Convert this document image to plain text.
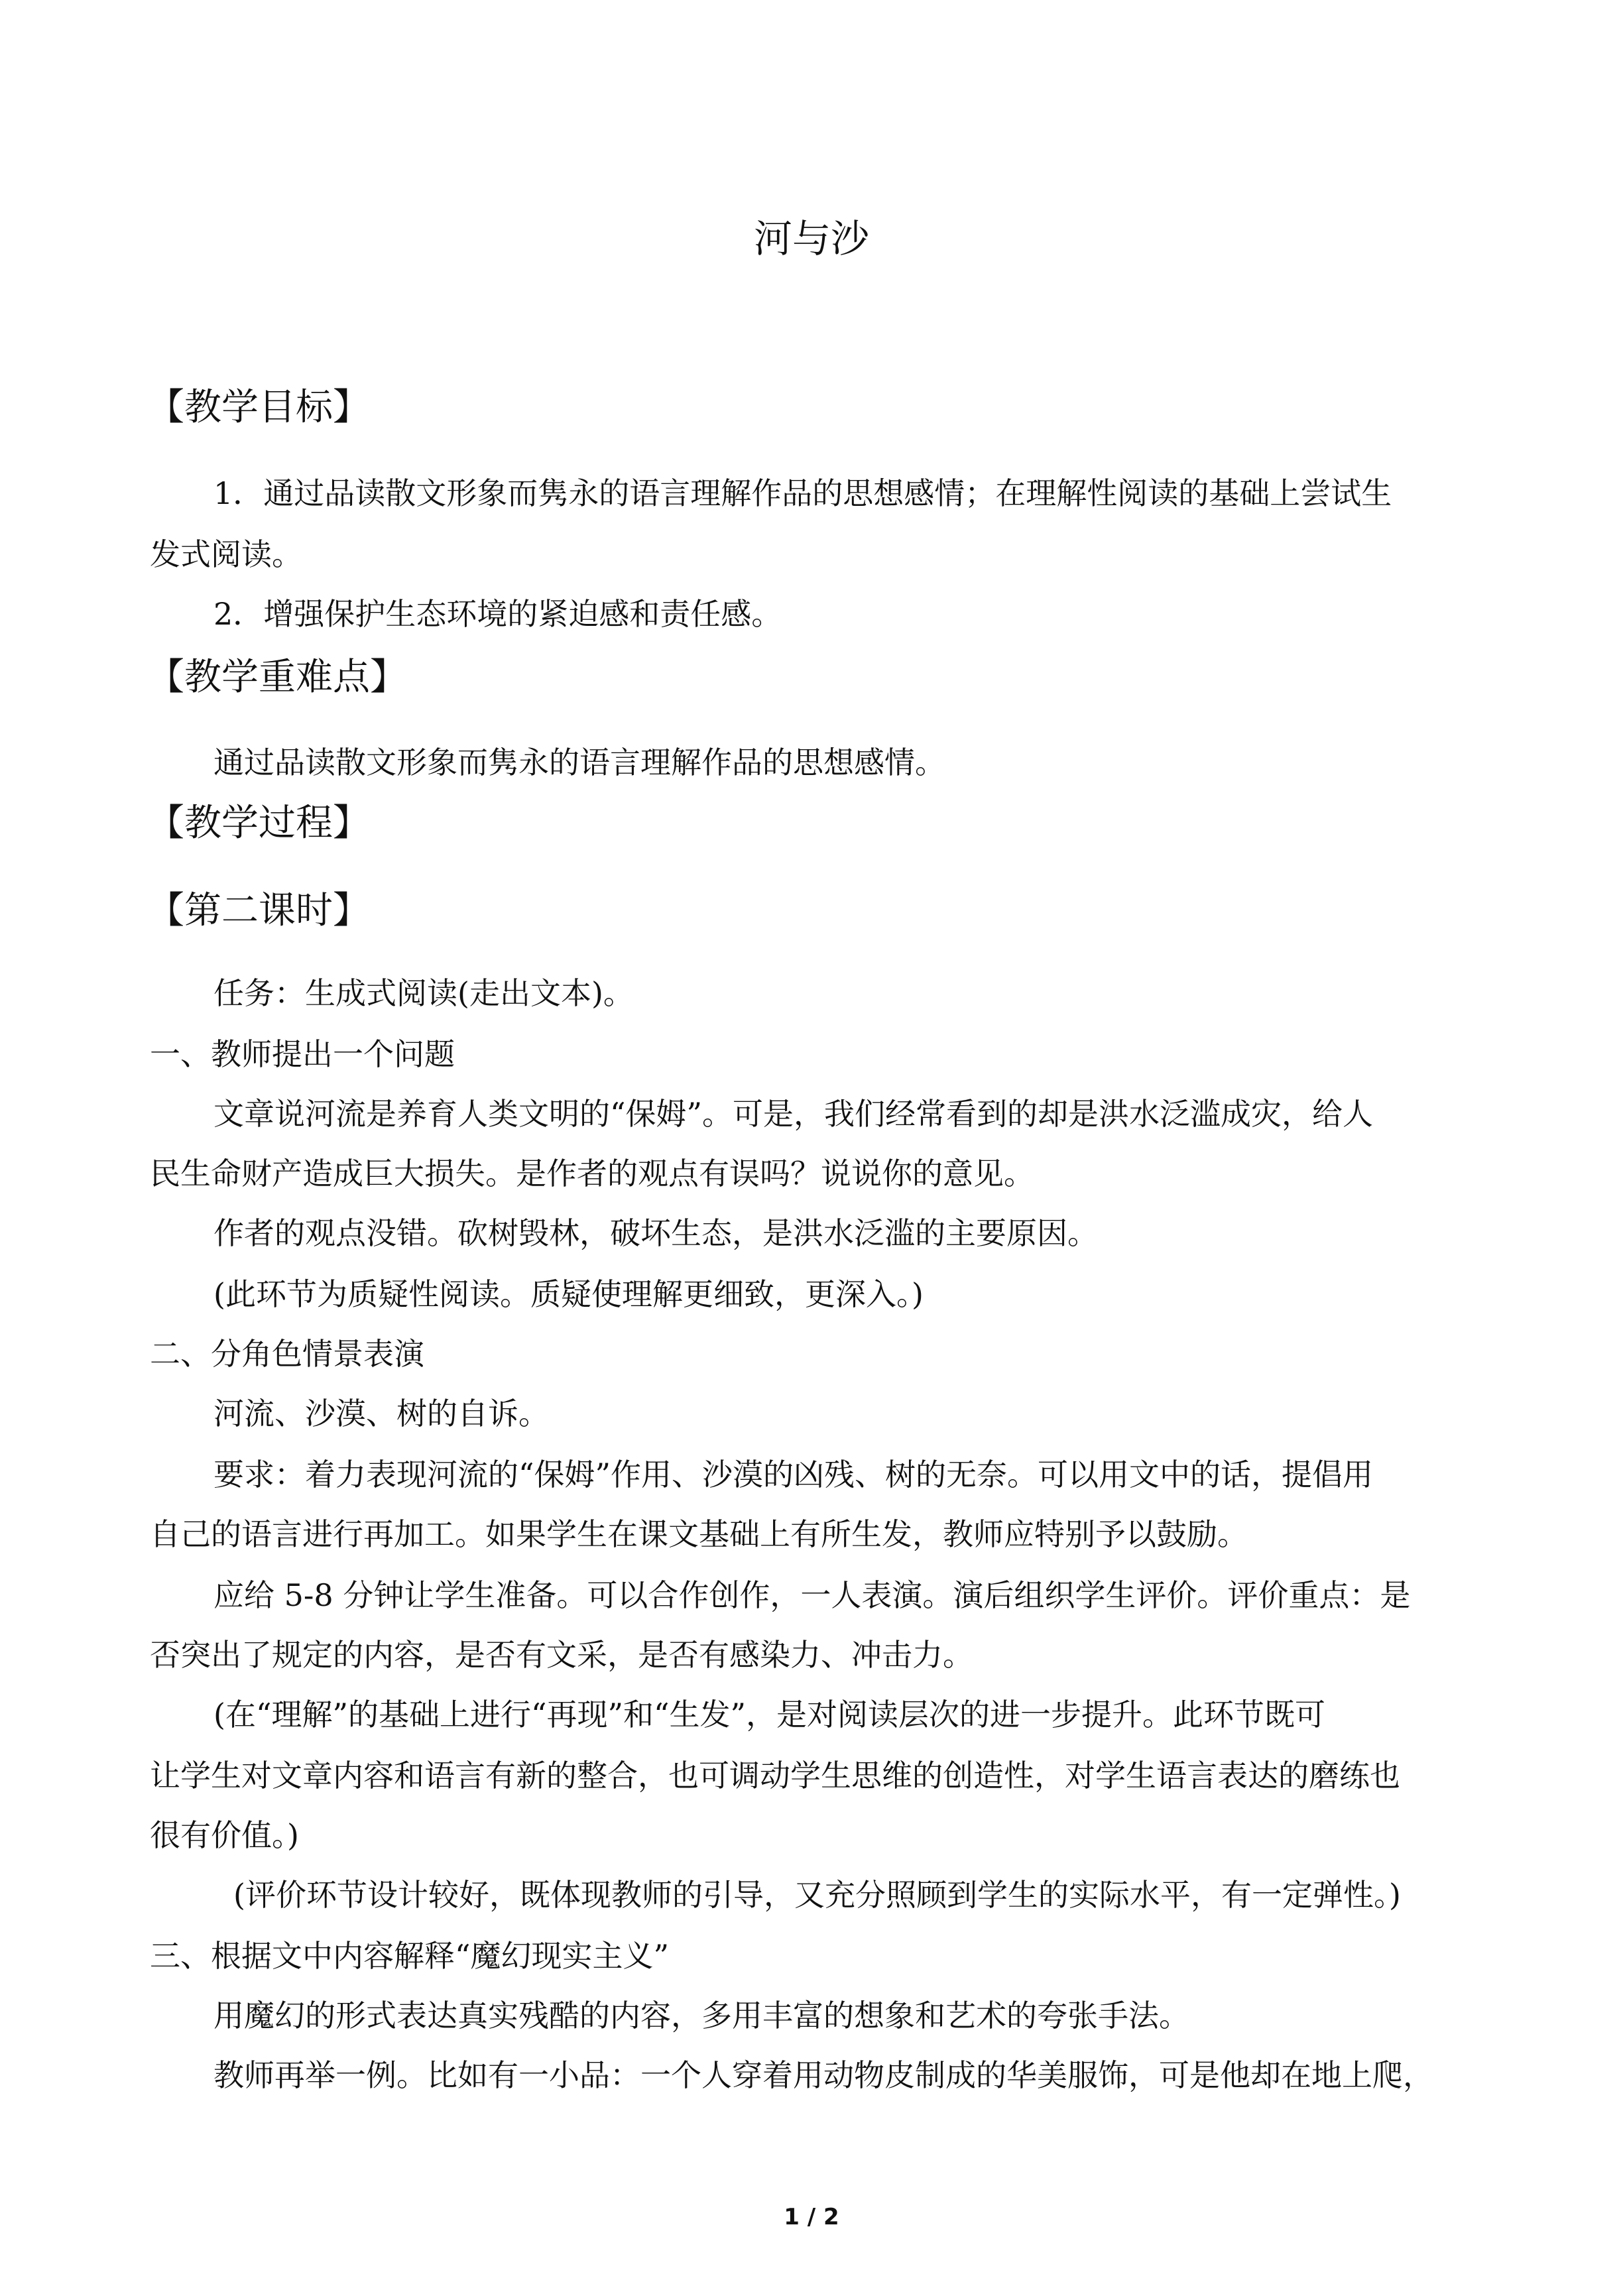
河与沙
【教学目标】
1．通过品读散文形象而隽永的语言理解作品的思想感情；在理解性阅读的基础上尝试生
发式阅读。
2．增强保护生态环境的紧迫感和责任感。
【教学重难点】
通过品读散文形象而隽永的语言理解作品的思想感情。
【教学过程】
【第二课时】
任务：生成式阅读(走出文本)。
一、教师提出一个问题
文章说河流是养育人类文明的“保姆”。可是，我们经常看到的却是洪水泛滥成灾，给人
民生命财产造成巨大损失。是作者的观点有误吗？说说你的意见。
作者的观点没错。砍树毁林，破坏生态，是洪水泛滥的主要原因。
(此环节为质疑性阅读。质疑使理解更细致，更深入。)
二、分角色情景表演
河流、沙漠、树的自诉。
要求：着力表现河流的“保姆”作用、沙漠的凶残、树的无奈。可以用文中的话，提倡用
自己的语言进行再加工。如果学生在课文基础上有所生发，教师应特别予以鼓励。
应给 5-8 分钟让学生准备。可以合作创作，一人表演。演后组织学生评价。评价重点：是
否突出了规定的内容，是否有文采，是否有感染力、冲击力。
(在“理解”的基础上进行“再现”和“生发”，是对阅读层次的进一步提升。此环节既可
让学生对文章内容和语言有新的整合，也可调动学生思维的创造性，对学生语言表达的磨练也
很有价值。)
(评价环节设计较好，既体现教师的引导，又充分照顾到学生的实际水平，有一定弹性。)
三、根据文中内容解释“魔幻现实主义”
用魔幻的形式表达真实残酷的内容，多用丰富的想象和艺术的夸张手法。
教师再举一例。比如有一小品：一个人穿着用动物皮制成的华美服饰，可是他却在地上爬，
1 / 2
